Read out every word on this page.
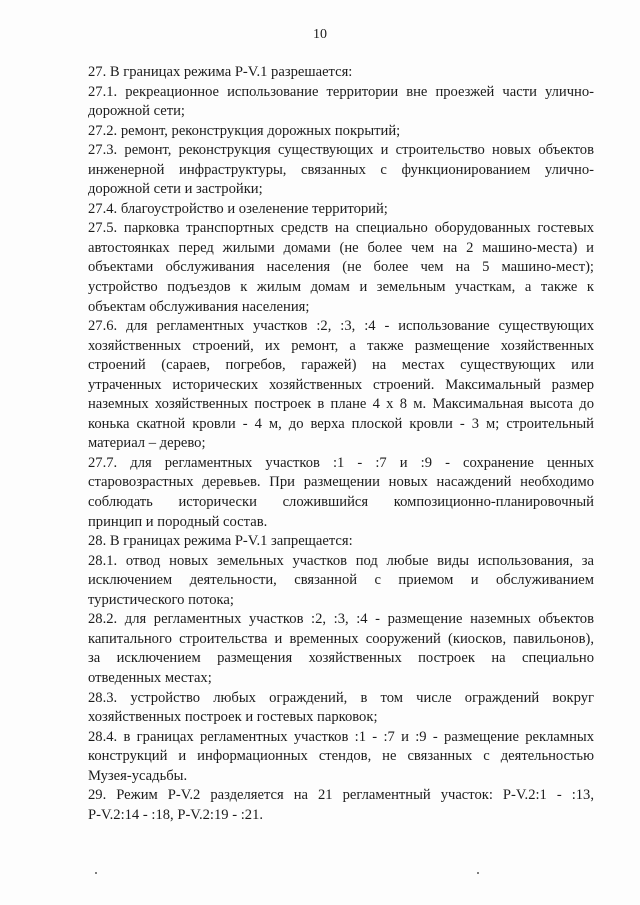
10
27. В границах режима Р-V.1 разрешается:
27.1. рекреационное использование территории вне проезжей части улично-
дорожной сети;
27.2. ремонт, реконструкция дорожных покрытий;
27.3. ремонт, реконструкция существующих и строительство новых объектов
инженерной инфраструктуры, связанных с функционированием улично-
дорожной сети и застройки;
27.4. благоустройство и озеленение территорий;
27.5. парковка транспортных средств на специально оборудованных гостевых
автостоянках перед жилыми домами (не более чем на 2 машино-места) и
объектами обслуживания населения (не более чем на 5 машино-мест);
устройство подъездов к жилым домам и земельным участкам, а также к
объектам обслуживания населения;
27.6. для регламентных участков :2, :3, :4 - использование существующих
хозяйственных строений, их ремонт, а также размещение хозяйственных
строений (сараев, погребов, гаражей) на местах существующих или
утраченных исторических хозяйственных строений. Максимальный размер
наземных хозяйственных построек в плане 4 х 8 м. Максимальная высота до
конька скатной кровли - 4 м, до верха плоской кровли - 3 м; строительный
материал – дерево;
27.7. для регламентных участков :1 - :7 и :9 - сохранение ценных
старовозрастных деревьев. При размещении новых насаждений необходимо
соблюдать исторически сложившийся композиционно-планировочный
принцип и породный состав.
28. В границах режима Р-V.1 запрещается:
28.1. отвод новых земельных участков под любые виды использования, за
исключением деятельности, связанной с приемом и обслуживанием
туристического потока;
28.2. для регламентных участков :2, :3, :4 - размещение наземных объектов
капитального строительства и временных сооружений (киосков, павильонов),
за исключением размещения хозяйственных построек на специально
отведенных местах;
28.3. устройство любых ограждений, в том числе ограждений вокруг
хозяйственных построек и гостевых парковок;
28.4. в границах регламентных участков :1 - :7 и :9 - размещение рекламных
конструкций и информационных стендов, не связанных с деятельностью
Музея-усадьбы.
29. Режим Р-V.2 разделяется на 21 регламентный участок: Р-V.2:1 - :13,
Р-V.2:14 - :18, Р-V.2:19 - :21.
